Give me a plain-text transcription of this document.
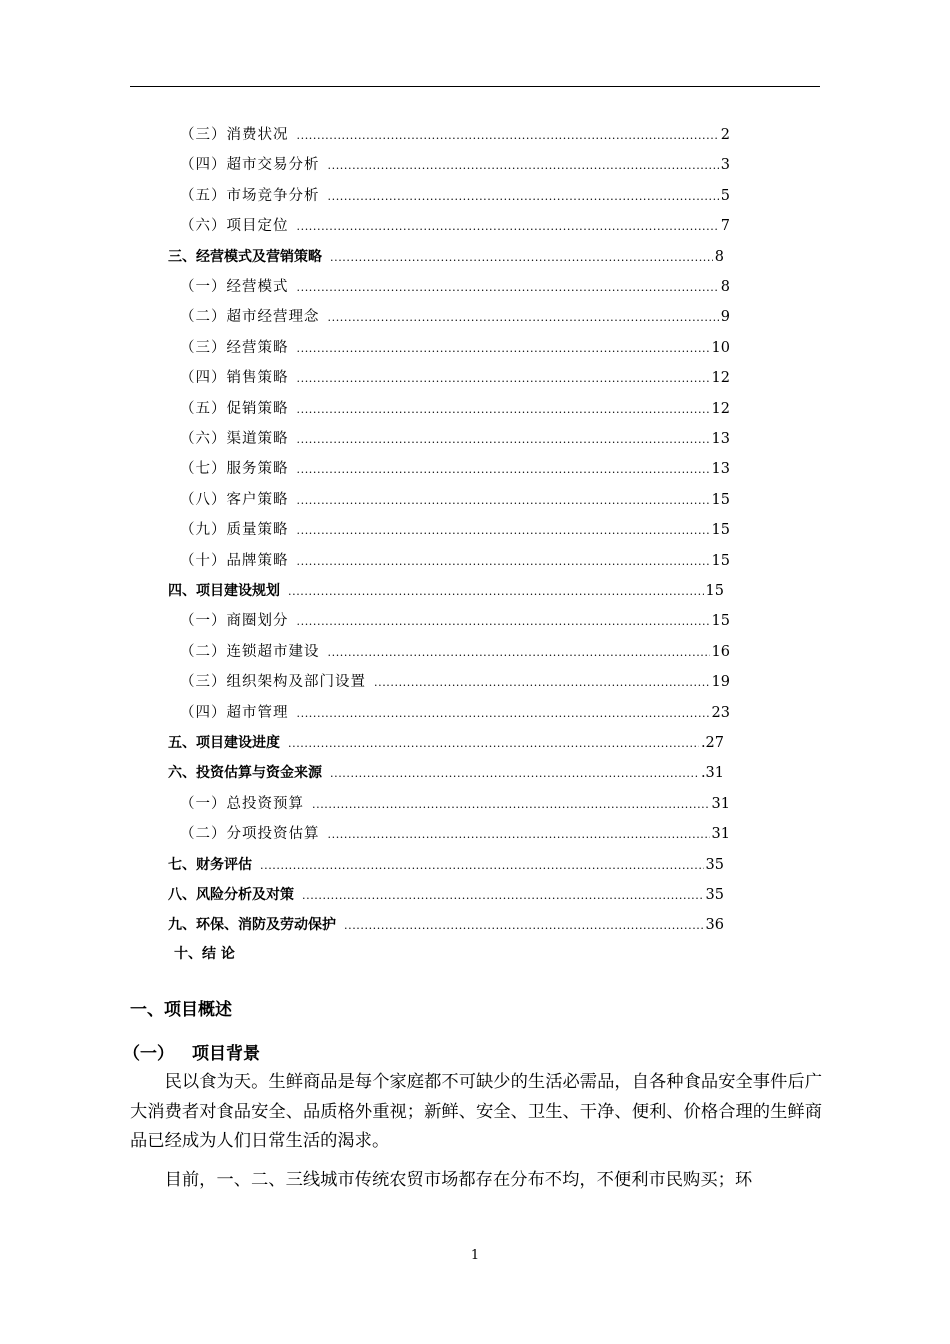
（三）消费状况 .....	2
（四）超市交易分析 .....	3
（五）市场竞争分析 .....	5
（六）项目定位 .....	7
三、经营模式及营销策略 .....	8
（一）经营模式 .....	8
（二）超市经营理念 .....	9
（三）经营策略 .....	10
（四）销售策略 .....	12
（五）促销策略 .....	12
（六）渠道策略 .....	13
（七）服务策略 .....	13
（八）客户策略 .....	15
（九）质量策略 .....	15
（十）品牌策略 .....	15
四、项目建设规划 .....	15
（一）商圈划分 .....	15
（二）连锁超市建设 .....	16
（三）组织架构及部门设置 .....	19
（四）超市管理 .....	23
五、项目建设进度 .....	.27
六、投资估算与资金来源 .....	.31
（一）总投资预算 .....	31
（二）分项投资估算 .....	31
七、财务评估 .....	35
八、风险分析及对策 .....	35
九、环保、消防及劳动保护 .....	36
十、结 论
一、项目概述
（一） 项目背景
民以食为天。生鲜商品是每个家庭都不可缺少的生活必需品，自各种食品安全事件后广大消费者对食品安全、品质格外重视；新鲜、安全、卫生、干净、便利、价格合理的生鲜商品已经成为人们日常生活的渴求。
目前，一、二、三线城市传统农贸市场都存在分布不均，不便利市民购买；环
1
